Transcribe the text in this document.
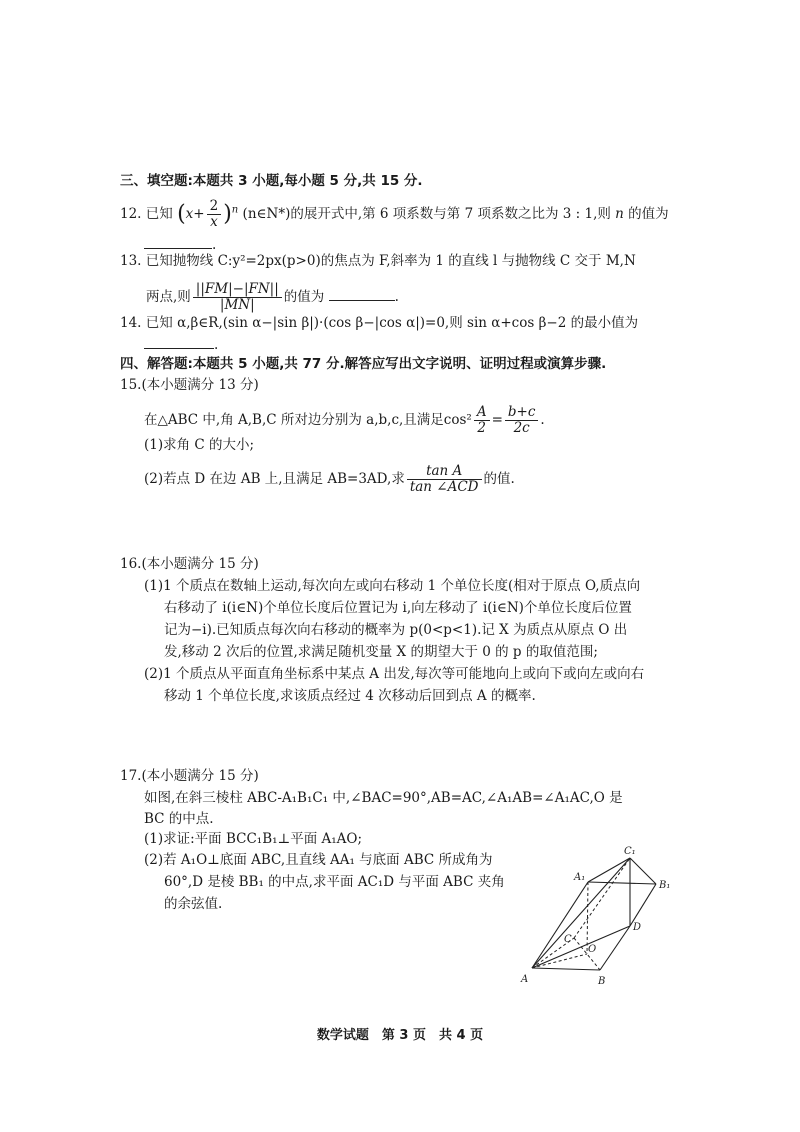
三、填空题:本题共 3 小题,每小题 5 分,共 15 分.
12. 已知 $(x+ \frac{2}{x} )^n$ (n∈N*)的展开式中,第 6 项系数与第 7 项系数之比为 3 : 1,则 n 的值为
.
13. 已知抛物线 C:y²=2px(p>0)的焦点为 F,斜率为 1 的直线 l 与抛物线 C 交于 M,N
两点,则 $\frac{||FM|-|FN||}{|MN|}$ 的值为	.
14. 已知 α,β∈R,(sin α−|sin β|)·(cos β−|cos α|)=0,则 sin α+cos β−2 的最小值为
.
四、解答题:本题共 5 小题,共 77 分.解答应写出文字说明、证明过程或演算步骤.
15.(本小题满分 13 分)
在△ABC 中,角 A,B,C 所对边分别为 a,b,c,且满足$\cos^2 \frac{A}{2} = \frac{b+c}{2c}$ .
(1)求角 C 的大小;
(2)若点 D 在边 AB 上,且满足 AB=3AD,求 $\frac{\text{tan A}}{\text{tan ∠ACD}}$ 的值.
16.(本小题满分 15 分)
(1)1 个质点在数轴上运动,每次向左或向右移动 1 个单位长度(相对于原点 O,质点向
右移动了 i(i∈N)个单位长度后位置记为 i,向左移动了 i(i∈N)个单位长度后位置
记为−i).已知质点每次向右移动的概率为 p(0<p<1).记 X 为质点从原点 O 出
发,移动 2 次后的位置,求满足随机变量 X 的期望大于 0 的 p 的取值范围;
(2)1 个质点从平面直角坐标系中某点 A 出发,每次等可能地向上或向下或向左或向右
移动 1 个单位长度,求该质点经过 4 次移动后回到点 A 的概率.
17.(本小题满分 15 分)
如图,在斜三棱柱 ABC-A₁B₁C₁ 中,∠BAC=90°,AB=AC,∠A₁AB=∠A₁AC,O 是
BC 的中点.
(1)求证:平面 BCC₁B₁⊥平面 A₁AO;
(2)若 A₁O⊥底面 ABC,且直线 AA₁ 与底面 ABC 所成角为
60°,D 是棱 BB₁ 的中点,求平面 AC₁D 与平面 ABC 夹角
的余弦值.
A	B
C
O
D
A₁
B₁
C₁
数学试题　第 3 页　共 4 页
